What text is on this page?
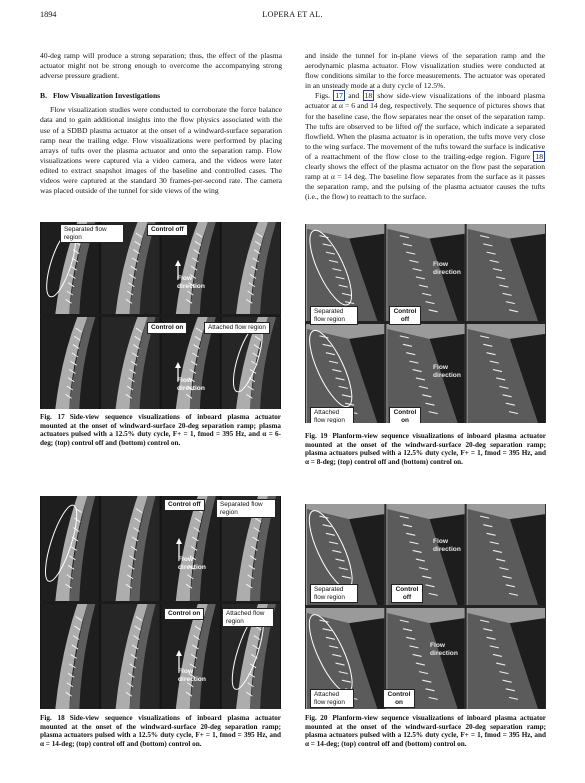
1894	LOPERA ET AL.

40-deg ramp will produce a strong separation; thus, the effect of the plasma actuator might not be strong enough to overcome the accompanying strong adverse pressure gradient.

B. Flow Visualization Investigations

Flow visualization studies were conducted to corroborate the force balance data and to gain additional insights into the flow physics associated with the use of a SDBD plasma actuator at the onset of a windward-surface separation ramp near the trailing edge. Flow visualizations were performed by placing arrays of tufts over the plasma actuator and onto the separation ramp. Flow visualizations were captured via a video camera, and the videos were later edited to extract snapshot images of the baseline and controlled cases. The videos were captured at the standard 30 frames-per-second rate. The camera was placed outside of the tunnel for side views of the wing

and inside the tunnel for in-plane views of the separation ramp and the aerodynamic plasma actuator. Flow visualization studies were conducted at flow conditions similar to the force measurements. The actuator was operated in an unsteady mode at a duty cycle of 12.5%.

Figs. 17 and 18 show side-view visualizations of the inboard plasma actuator at α = 6 and 14 deg, respectively. The sequence of pictures shows that for the baseline case, the flow separates near the onset of the separation ramp. The tufts are observed to be lifted off the surface, which indicate a separated flowfield. When the plasma actuator is in operation, the tufts move very close to the wing surface. The movement of the tufts toward the surface is indicative of a reattachment of the flow close to the trailing-edge region. Figure 18 clearly shows the effect of the plasma actuator on the flow past the separation ramp at α = 14 deg. The baseline flow separates from the surface as it passes the separation ramp, and the pulsing of the plasma actuator causes the tufts (i.e., the flow) to reattach to the surface.

Separated flow region
Control off
Flow direction
Control on	Attached flow region
Flow direction
Fig. 17 Side-view sequence visualizations of inboard plasma actuator mounted at the onset of windward-surface 20-deg separation ramp; plasma actuators pulsed with a 12.5% duty cycle, F+ = 1, fmod = 395 Hz, and α = 6-deg; (top) control off and (bottom) control on.
Flow direction
Separated flow region
Control off
Flow direction
Attached flow region
Control on
Fig. 19 Planform-view sequence visualizations of inboard plasma actuator mounted at the onset of the windward-surface 20-deg separation ramp; plasma actuators pulsed with a 12.5% duty cycle, F+ = 1, fmod = 395 Hz, and α = 8-deg; (top) control off and (bottom) control on.
Control off	Separated flow region
Flow direction
Control on	Attached flow region
Flow direction
Fig. 18 Side-view sequence visualizations of inboard plasma actuator mounted at the onset of the windward-surface 20-deg separation ramp; plasma actuators pulsed with a 12.5% duty cycle, F+ = 1, fmod = 395 Hz, and α = 14-deg; (top) control off and (bottom) control on.
Flow direction
Separated flow region
Control off
Flow direction
Attached flow region
Control on
Fig. 20 Planform-view sequence visualizations of inboard plasma actuator mounted at the onset of the windward-surface 20-deg separation ramp; plasma actuators pulsed with a 12.5% duty cycle, F+ = 1, fmod = 395 Hz, and α = 14-deg; (top) control off and (bottom) control on.
